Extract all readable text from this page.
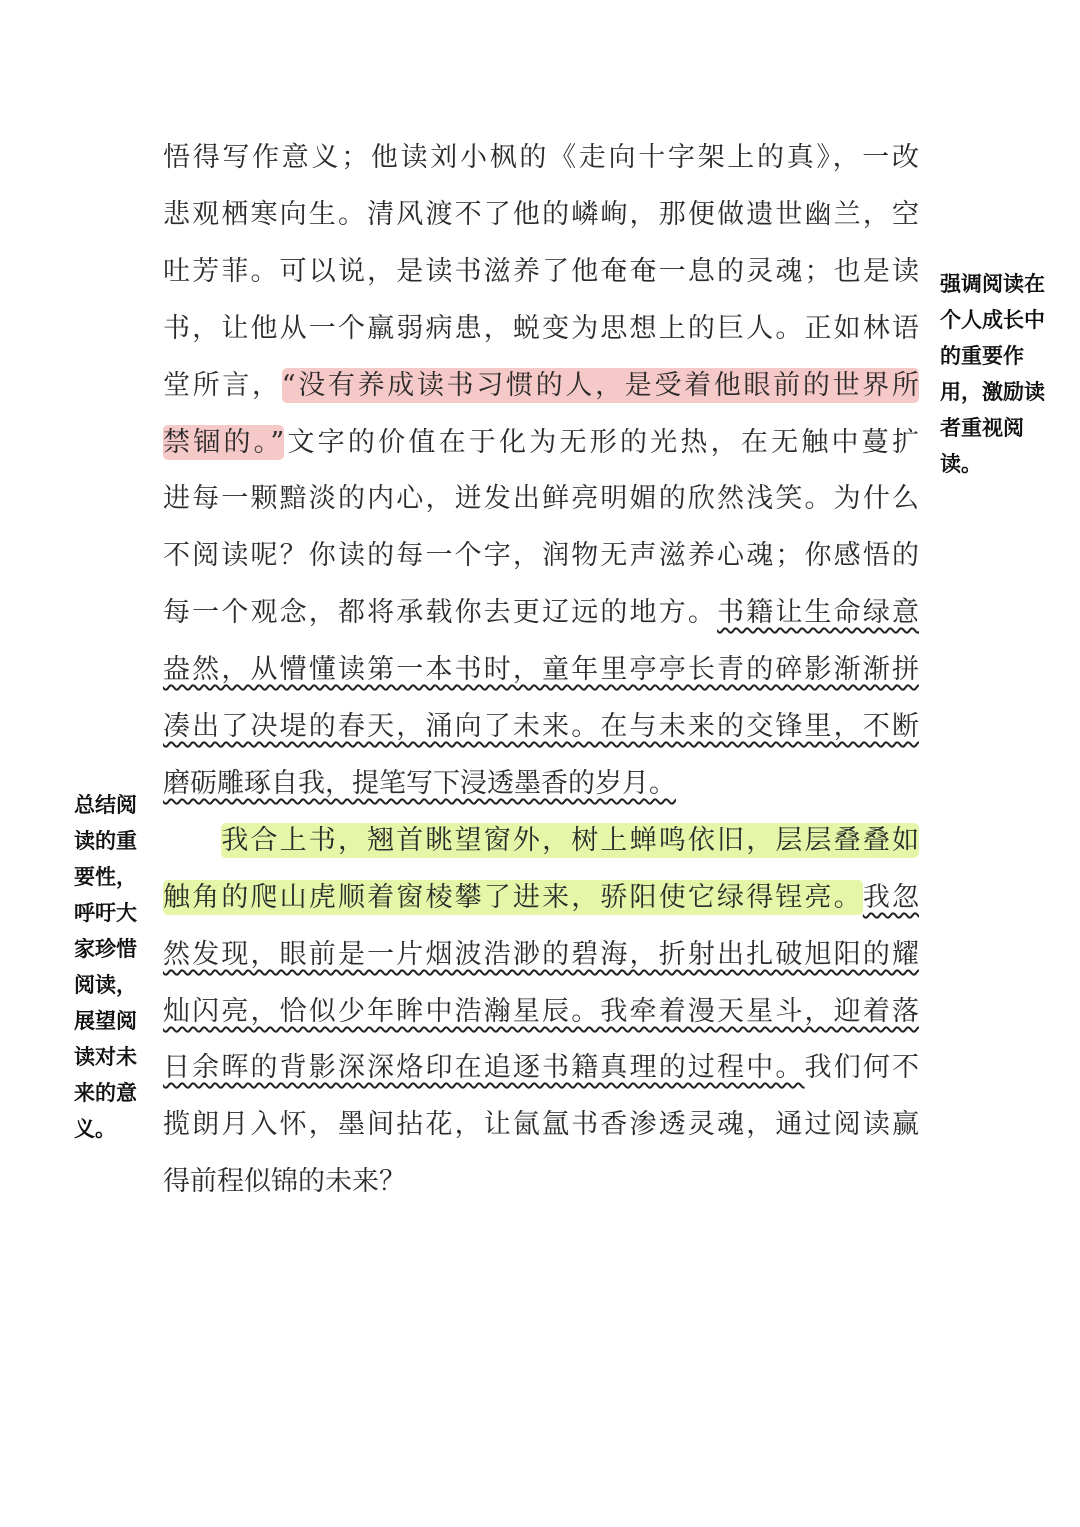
悟得写作意义；他读刘小枫的《走向十字架上的真》，一改
悲观栖寒向生。清风渡不了他的嶙峋，那便做遗世幽兰，空
吐芳菲。可以说，是读书滋养了他奄奄一息的灵魂；也是读
书，让他从一个羸弱病患，蜕变为思想上的巨人。正如林语
堂所言，“没有养成读书习惯的人，是受着他眼前的世界所
禁锢的。”文字的价值在于化为无形的光热，在无触中蔓扩
进每一颗黯淡的内心，迸发出鲜亮明媚的欣然浅笑。为什么
不阅读呢？你读的每一个字，润物无声滋养心魂；你感悟的
每一个观念，都将承载你去更辽远的地方。书籍让生命绿意
盎然，从懵懂读第一本书时，童年里亭亭长青的碎影渐渐拼
凑出了决堤的春天，涌向了未来。在与未来的交锋里，不断
磨砺雕琢自我，提笔写下浸透墨香的岁月。
　　我合上书，翘首眺望窗外，树上蝉鸣依旧，层层叠叠如
触角的爬山虎顺着窗棱攀了进来，骄阳使它绿得锃亮。我忽
然发现，眼前是一片烟波浩渺的碧海，折射出扎破旭阳的耀
灿闪亮，恰似少年眸中浩瀚星辰。我牵着漫天星斗，迎着落
日余晖的背影深深烙印在追逐书籍真理的过程中。我们何不
揽朗月入怀，墨间拈花，让氤氲书香渗透灵魂，通过阅读赢
得前程似锦的未来？
强调阅读在
个人成长中
的重要作
用，激励读
者重视阅
读。
总结阅
读的重
要性，
呼吁大
家珍惜
阅读，
展望阅
读对未
来的意
义。
